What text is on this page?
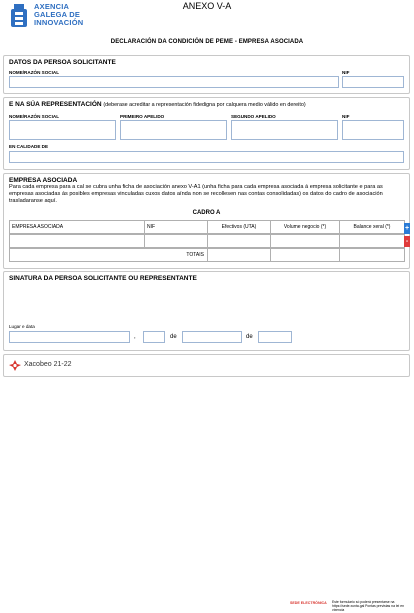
AXENCIA
GALEGA DE
INNOVACIÓN
ANEXO V-A
DECLARACIÓN DA CONDICIÓN DE PEME - EMPRESA ASOCIADA
DATOS DA PERSOA SOLICITANTE
NOME/RAZÓN SOCIAL	NIF
E NA SÚA REPRESENTACIÓN (deberase acreditar a representación fidedigna por calquera medio válido en dereito)
NOME/RAZÓN SOCIAL	PRIMEIRO APELIDO	SEGUNDO APELIDO	NIF
EN CALIDADE DE
EMPRESA ASOCIADA
Para cada empresa para a cal se cubra unha ficha de asociación anexo V-A1 (unha ficha para cada empresa asociada á empresa solicitante e para as empresas asociadas ás posibles empresas vinculadas cuxos datos aínda non se recollesen nas contas consolidadas) os datos do cadro de asociación trasladaranse aquí.
CADRO A
EMPRESA ASOCIADA	NIF	Efectivos (UTA)	Volume negocio (*)	Balance xeral (*)	+
-
TOTAIS
SINATURA DA PERSOA SOLICITANTE OU REPRESENTANTE
Lugar e data
,	de	de
Xacobeo 21-22
SEDE ELECTRÓNICA Este formulario só poderá presentarse na
https://sede.xunta.gal Pontas previstas na lei en vixencia
